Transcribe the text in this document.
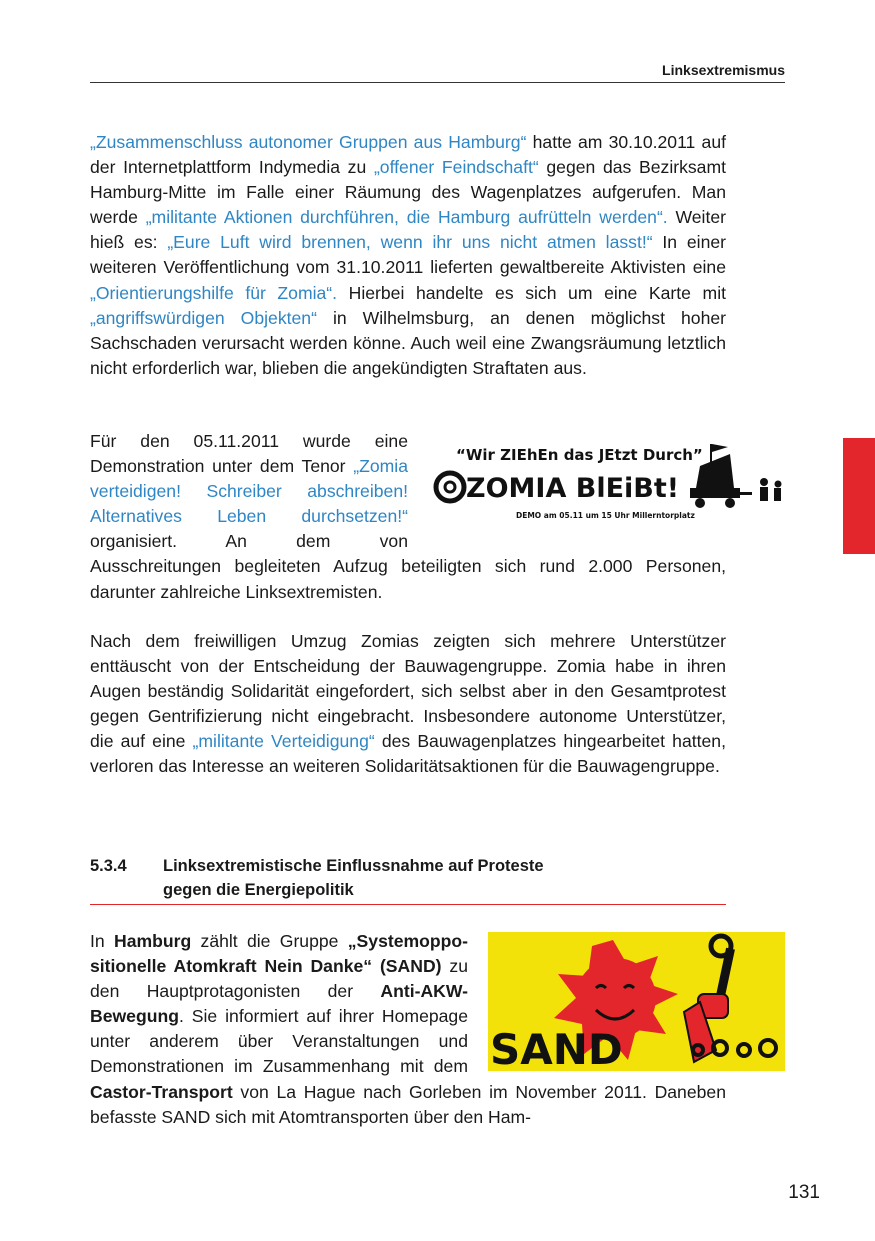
Linksextremismus

„Zusammenschluss autonomer Gruppen aus Hamburg“ hatte am 30.10.2011 auf der Internetplattform Indymedia zu „offener Feindschaft“ gegen das Bezirksamt Hamburg-Mitte im Falle einer Räumung des Wagenplatzes aufgerufen. Man werde „militante Aktionen durchführen, die Hamburg aufrütteln werden“. Weiter hieß es: „Eure Luft wird brennen, wenn ihr uns nicht atmen lasst!“ In einer weiteren Veröffentlichung vom 31.10.2011 lieferten gewaltbereite Aktivisten eine „Orientierungshilfe für Zomia“. Hierbei handelte es sich um eine Karte mit „angriffswürdigen Objekten“ in Wilhelmsburg, an denen möglichst hoher Sachschaden verursacht werden könne. Auch weil eine Zwangsräumung letztlich nicht erforderlich war, blieben die angekündigten Straftaten aus.

Für den 05.11.2011 wurde eine Demonstration unter dem Tenor „Zomia verteidigen! Schreiber abschreiben! Alternatives Leben durchsetzen!“ organisiert. An dem von Ausschreitungen begleiteten Aufzug beteiligten sich rund 2.000 Personen, darunter zahlreiche Linksextremisten.

“Wir ZIEhEn das JEtzt Durch”
ZOMIA BlEiBt!
DEMO am 05.11 um 15 Uhr Millerntorplatz

Nach dem freiwilligen Umzug Zomias zeigten sich mehrere Unterstützer enttäuscht von der Entscheidung der Bauwagengruppe. Zomia habe in ihren Augen beständig Solidarität eingefordert, sich selbst aber in den Gesamtprotest gegen Gentrifizierung nicht eingebracht. Insbesondere autonome Unterstützer, die auf eine „militante Verteidigung“ des Bauwagenplatzes hingearbeitet hatten, verloren das Interesse an weiteren Solidaritätsaktionen für die Bauwagengruppe.

5.3.4 Linksextremistische Einflussnahme auf Proteste
gegen die Energiepolitik

In Hamburg zählt die Gruppe „Systemoppositionelle Atomkraft Nein Danke“ (SAND) zu den Hauptprotagonisten der Anti-AKW-Bewegung. Sie informiert auf ihrer Homepage unter anderem über Veranstaltungen und Demonstrationen im Zusammenhang mit dem Castor-Transport von La Hague nach Gorleben im November 2011. Daneben befasste SAND sich mit Atomtransporten über den Ham-

SAND
131
